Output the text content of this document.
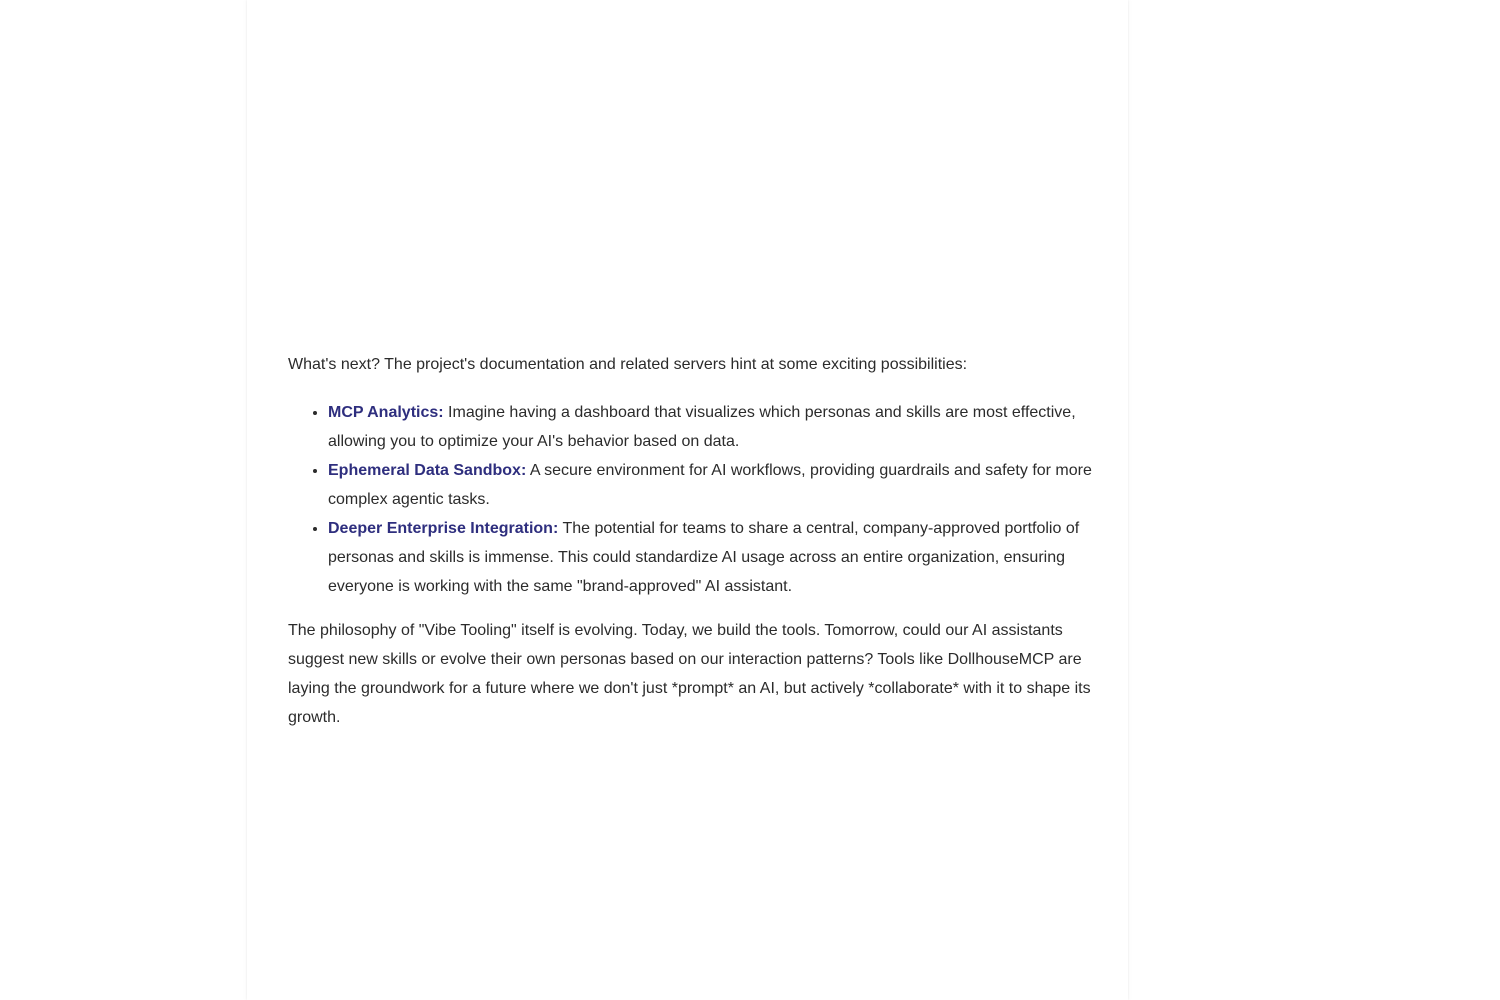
What's next? The project's documentation and related servers hint at some exciting possibilities:

• MCP Analytics: Imagine having a dashboard that visualizes which personas and skills are most effective, allowing you to optimize your AI's behavior based on data.
• Ephemeral Data Sandbox: A secure environment for AI workflows, providing guardrails and safety for more complex agentic tasks.
• Deeper Enterprise Integration: The potential for teams to share a central, company-approved portfolio of personas and skills is immense. This could standardize AI usage across an entire organization, ensuring everyone is working with the same "brand-approved" AI assistant.

The philosophy of "Vibe Tooling" itself is evolving. Today, we build the tools. Tomorrow, could our AI assistants suggest new skills or evolve their own personas based on our interaction patterns? Tools like DollhouseMCP are laying the groundwork for a future where we don't just *prompt* an AI, but actively *collaborate* with it to shape its growth.
